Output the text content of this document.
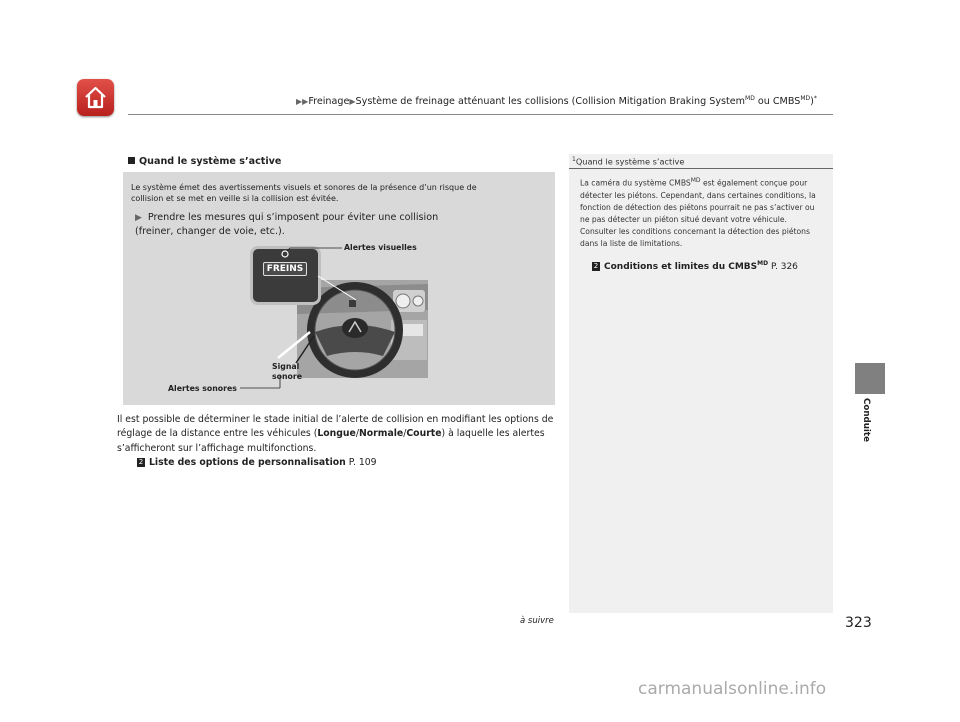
▶▶Freinage▶Système de freinage atténuant les collisions (Collision Mitigation Braking System$^{MD}$ ou $CMBS^{MD})^*$
Quand le système s’active
Le système émet des avertissements visuels et sonores de la présence d’un risque de collision et se met en veille si la collision est évitée.
▶ Prendre les mesures qui s’imposent pour éviter une collision (freiner, changer de voie, etc.).
FREINS
Alertes visuelles
Signal
sonore
Alertes sonores
Il est possible de déterminer le stade initial de l’alerte de collision en modifiant les options de réglage de la distance entre les véhicules (Longue/Normale/Courte) à laquelle les alertes s’afficheront sur l’affichage multifonctions.
2 Liste des options de personnalisation P. 109
$^1$Quand le système s’active
La caméra du système $CMBS^{MD}$ est également conçue pour détecter les piétons. Cependant, dans certaines conditions, la fonction de détection des piétons pourrait ne pas s’activer ou ne pas détecter un piéton situé devant votre véhicule. Consulter les conditions concernant la détection des piétons dans la liste de limitations.
2 Conditions et limites du $CMBS^{MD}$ P. 326
Conduite
à suivre	323
carmanualsonline.info
